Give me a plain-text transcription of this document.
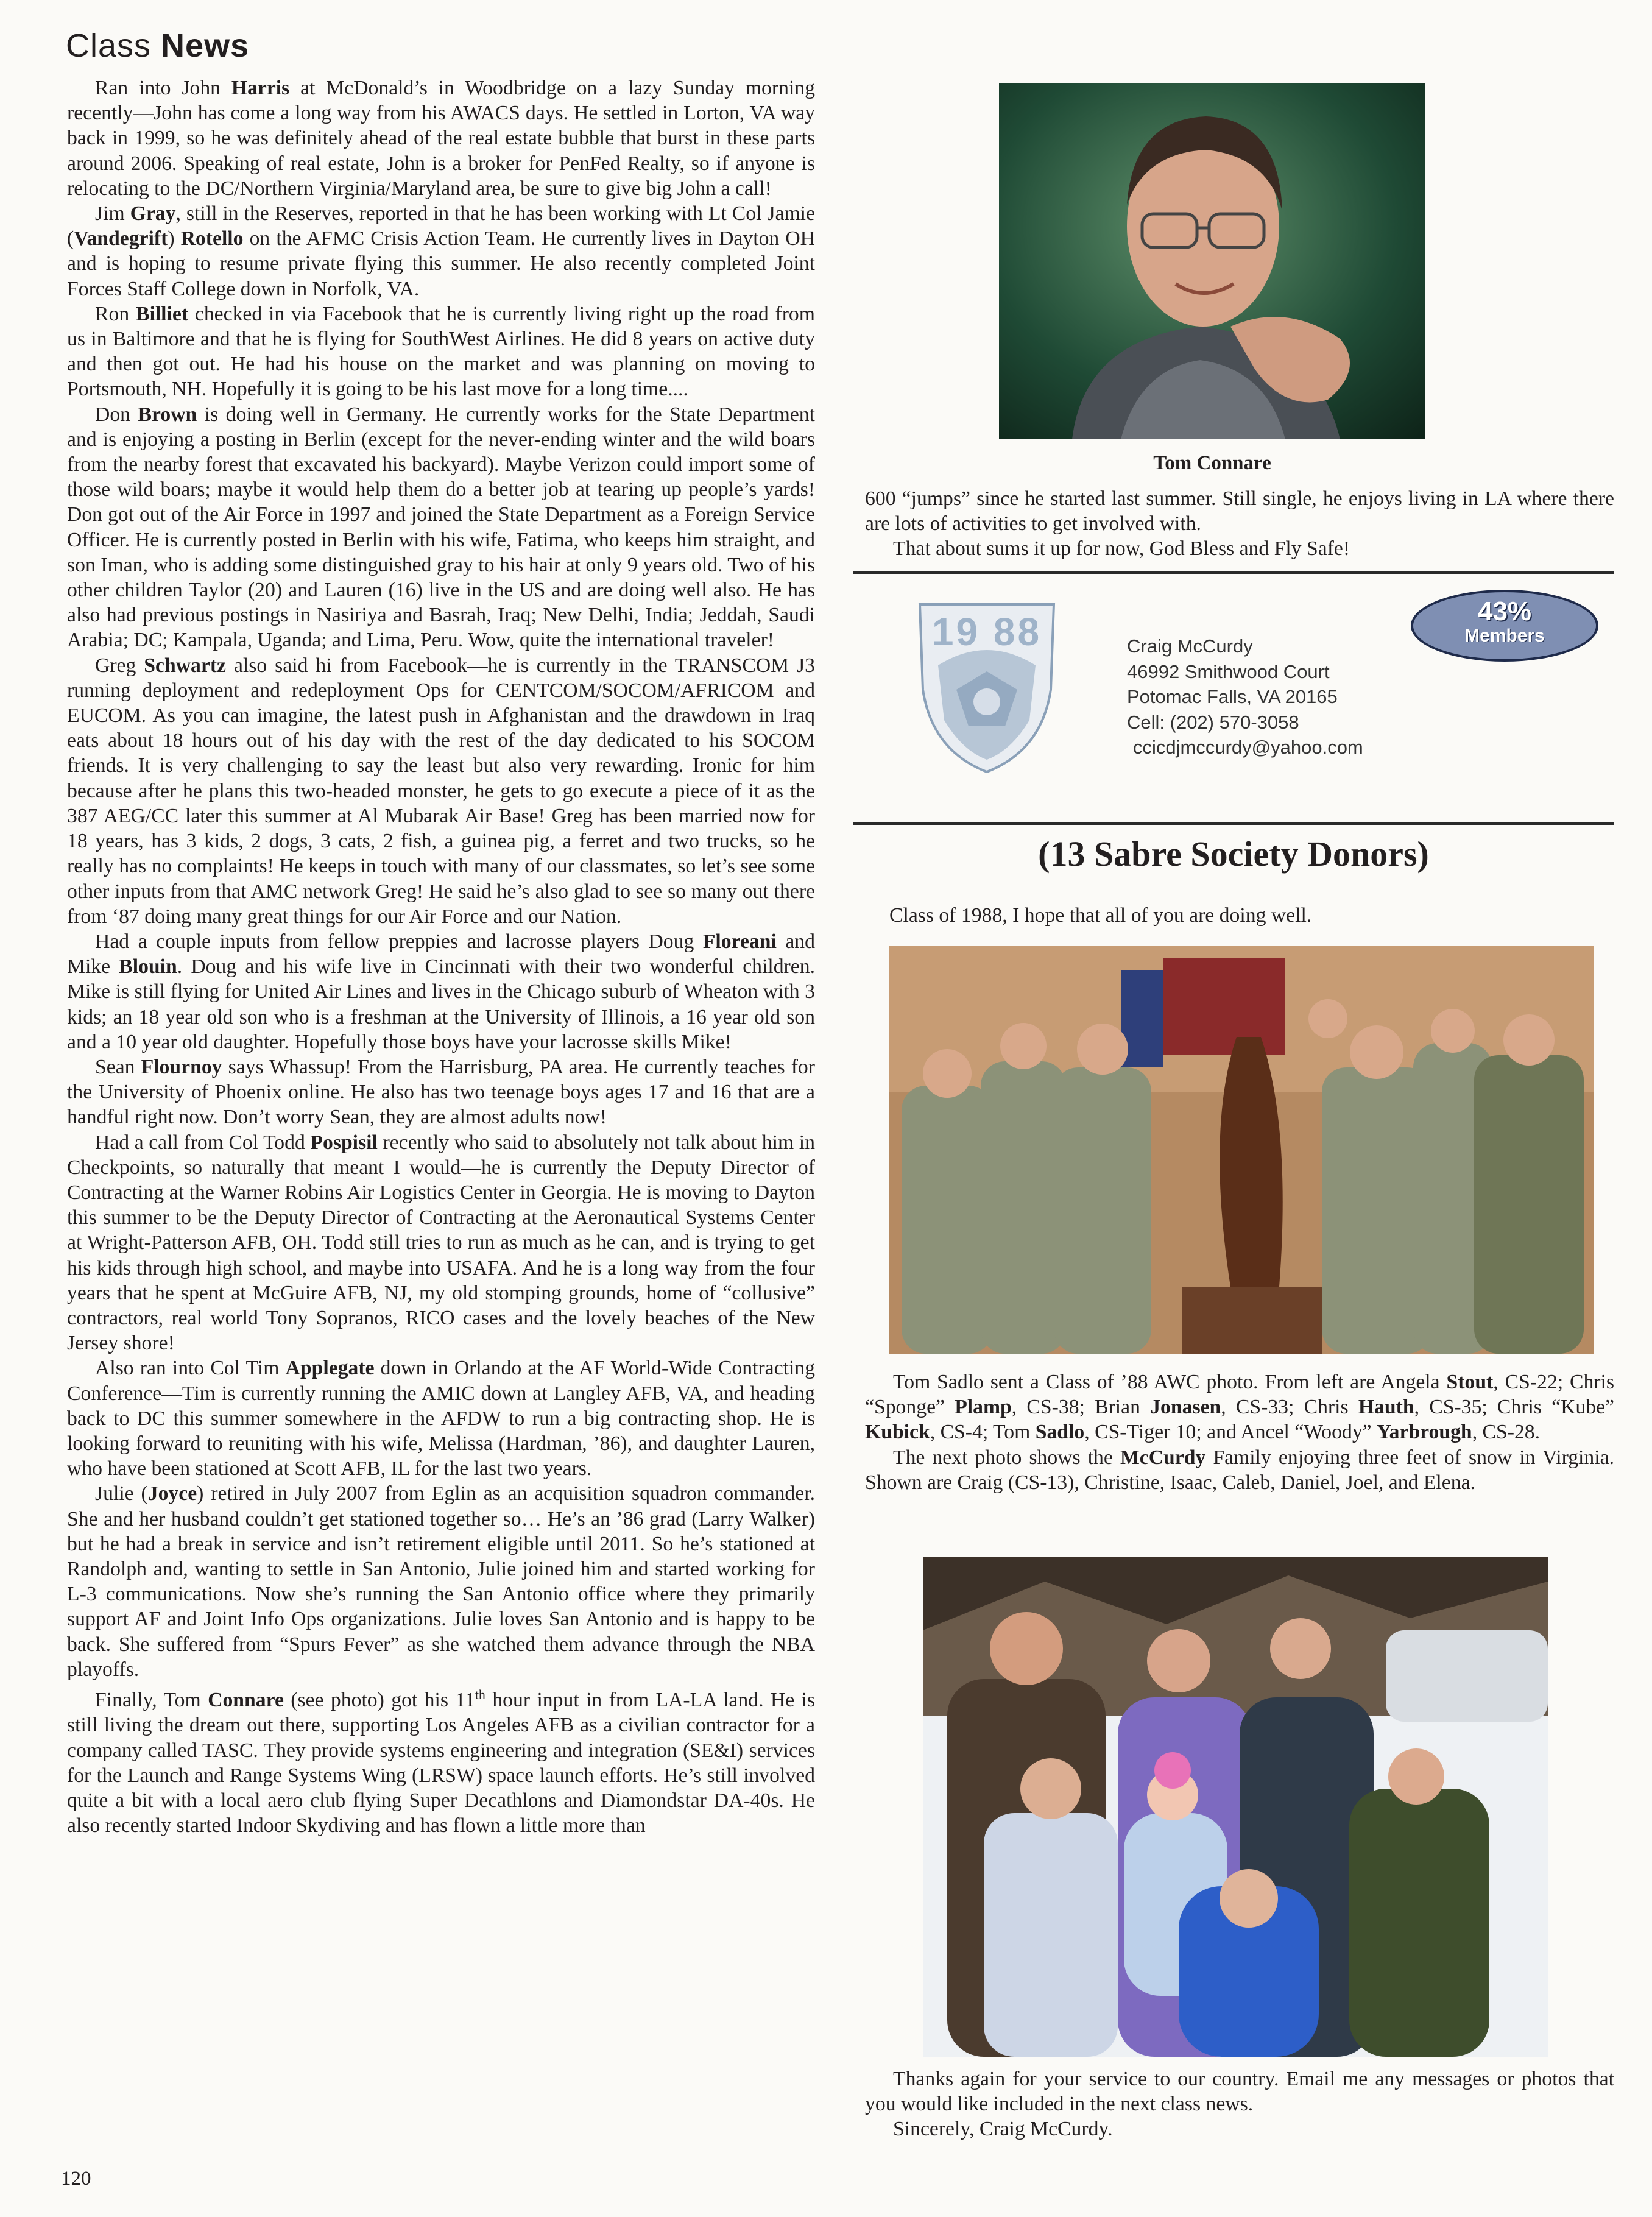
Class News

Ran into John Harris at McDonald’s in Woodbridge on a lazy Sunday morning recently—John has come a long way from his AWACS days. He settled in Lorton, VA way back in 1999, so he was definitely ahead of the real estate bubble that burst in these parts around 2006. Speaking of real estate, John is a broker for PenFed Realty, so if anyone is relocating to the DC/Northern Virginia/Maryland area, be sure to give big John a call!

Jim Gray, still in the Reserves, reported in that he has been working with Lt Col Jamie (Vandegrift) Rotello on the AFMC Crisis Action Team. He currently lives in Dayton OH and is hoping to resume private flying this summer. He also recently completed Joint Forces Staff College down in Norfolk, VA.

Ron Billiet checked in via Facebook that he is currently living right up the road from us in Baltimore and that he is flying for SouthWest Airlines. He did 8 years on active duty and then got out. He had his house on the market and was planning on moving to Portsmouth, NH. Hopefully it is going to be his last move for a long time....

Don Brown is doing well in Germany. He currently works for the State Department and is enjoying a posting in Berlin (except for the never-ending winter and the wild boars from the nearby forest that excavated his backyard). Maybe Verizon could import some of those wild boars; maybe it would help them do a better job at tearing up people’s yards! Don got out of the Air Force in 1997 and joined the State Department as a Foreign Service Officer. He is currently posted in Berlin with his wife, Fatima, who keeps him straight, and son Iman, who is adding some distinguished gray to his hair at only 9 years old. Two of his other children Taylor (20) and Lauren (16) live in the US and are doing well also. He has also had previous postings in Nasiriya and Basrah, Iraq; New Delhi, India; Jeddah, Saudi Arabia; DC; Kampala, Uganda; and Lima, Peru. Wow, quite the international traveler!

Greg Schwartz also said hi from Facebook—he is currently in the TRANSCOM J3 running deployment and redeployment Ops for CENTCOM/SOCOM/AFRICOM and EUCOM. As you can imagine, the latest push in Afghanistan and the drawdown in Iraq eats about 18 hours out of his day with the rest of the day dedicated to his SOCOM friends. It is very challenging to say the least but also very rewarding. Ironic for him because after he plans this two-headed monster, he gets to go execute a piece of it as the 387 AEG/CC later this summer at Al Mubarak Air Base! Greg has been married now for 18 years, has 3 kids, 2 dogs, 3 cats, 2 fish, a guinea pig, a ferret and two trucks, so he really has no complaints! He keeps in touch with many of our classmates, so let’s see some other inputs from that AMC network Greg! He said he’s also glad to see so many out there from ‘87 doing many great things for our Air Force and our Nation.

Had a couple inputs from fellow preppies and lacrosse players Doug Floreani and Mike Blouin. Doug and his wife live in Cincinnati with their two wonderful children. Mike is still flying for United Air Lines and lives in the Chicago suburb of Wheaton with 3 kids; an 18 year old son who is a freshman at the University of Illinois, a 16 year old son and a 10 year old daughter. Hopefully those boys have your lacrosse skills Mike!

Sean Flournoy says Whassup! From the Harrisburg, PA area. He currently teaches for the University of Phoenix online. He also has two teenage boys ages 17 and 16 that are a handful right now. Don’t worry Sean, they are almost adults now!

Had a call from Col Todd Pospisil recently who said to absolutely not talk about him in Checkpoints, so naturally that meant I would—he is currently the Deputy Director of Contracting at the Warner Robins Air Logistics Center in Georgia. He is moving to Dayton this summer to be the Deputy Director of Contracting at the Aeronautical Systems Center at Wright-Patterson AFB, OH. Todd still tries to run as much as he can, and is trying to get his kids through high school, and maybe into USAFA. And he is a long way from the four years that he spent at McGuire AFB, NJ, my old stomping grounds, home of “collusive” contractors, real world Tony Sopranos, RICO cases and the lovely beaches of the New Jersey shore!

Also ran into Col Tim Applegate down in Orlando at the AF World-Wide Contracting Conference—Tim is currently running the AMIC down at Langley AFB, VA, and heading back to DC this summer somewhere in the AFDW to run a big contracting shop. He is looking forward to reuniting with his wife, Melissa (Hardman, ’86), and daughter Lauren, who have been stationed at Scott AFB, IL for the last two years.

Julie (Joyce) retired in July 2007 from Eglin as an acquisition squadron commander. She and her husband couldn’t get stationed together so… He’s an ’86 grad (Larry Walker) but he had a break in service and isn’t retirement eligible until 2011. So he’s stationed at Randolph and, wanting to settle in San Antonio, Julie joined him and started working for L-3 communications. Now she’s running the San Antonio office where they primarily support AF and Joint Info Ops organizations. Julie loves San Antonio and is happy to be back. She suffered from “Spurs Fever” as she watched them advance through the NBA playoffs.

Finally, Tom Connare (see photo) got his 11th hour input in from LA-LA land. He is still living the dream out there, supporting Los Angeles AFB as a civilian contractor for a company called TASC. They provide systems engineering and integration (SE&I) services for the Launch and Range Systems Wing (LRSW) space launch efforts. He’s still involved quite a bit with a local aero club flying Super Decathlons and Diamondstar DA-40s. He also recently started Indoor Skydiving and has flown a little more than

120
Tom Connare

600 “jumps” since he started last summer. Still single, he enjoys living in LA where there are lots of activities to get involved with.

That about sums it up for now, God Bless and Fly Safe!

19 88	Craig McCurdy
46992 Smithwood Court
Potomac Falls, VA 20165
Cell: (202) 570-3058
ccicdjmccurdy@yahoo.com
43%
Members
(13 Sabre Society Donors)
Class of 1988, I hope that all of you are doing well.

Tom Sadlo sent a Class of ’88 AWC photo. From left are Angela Stout, CS-22; Chris “Sponge” Plamp, CS-38; Brian Jonasen, CS-33; Chris Hauth, CS-35; Chris “Kube” Kubick, CS-4; Tom Sadlo, CS-Tiger 10; and Ancel “Woody” Yarbrough, CS-28.

The next photo shows the McCurdy Family enjoying three feet of snow in Virginia. Shown are Craig (CS-13), Christine, Isaac, Caleb, Daniel, Joel, and Elena.

Thanks again for your service to our country. Email me any messages or photos that you would like included in the next class news.

Sincerely, Craig McCurdy.
